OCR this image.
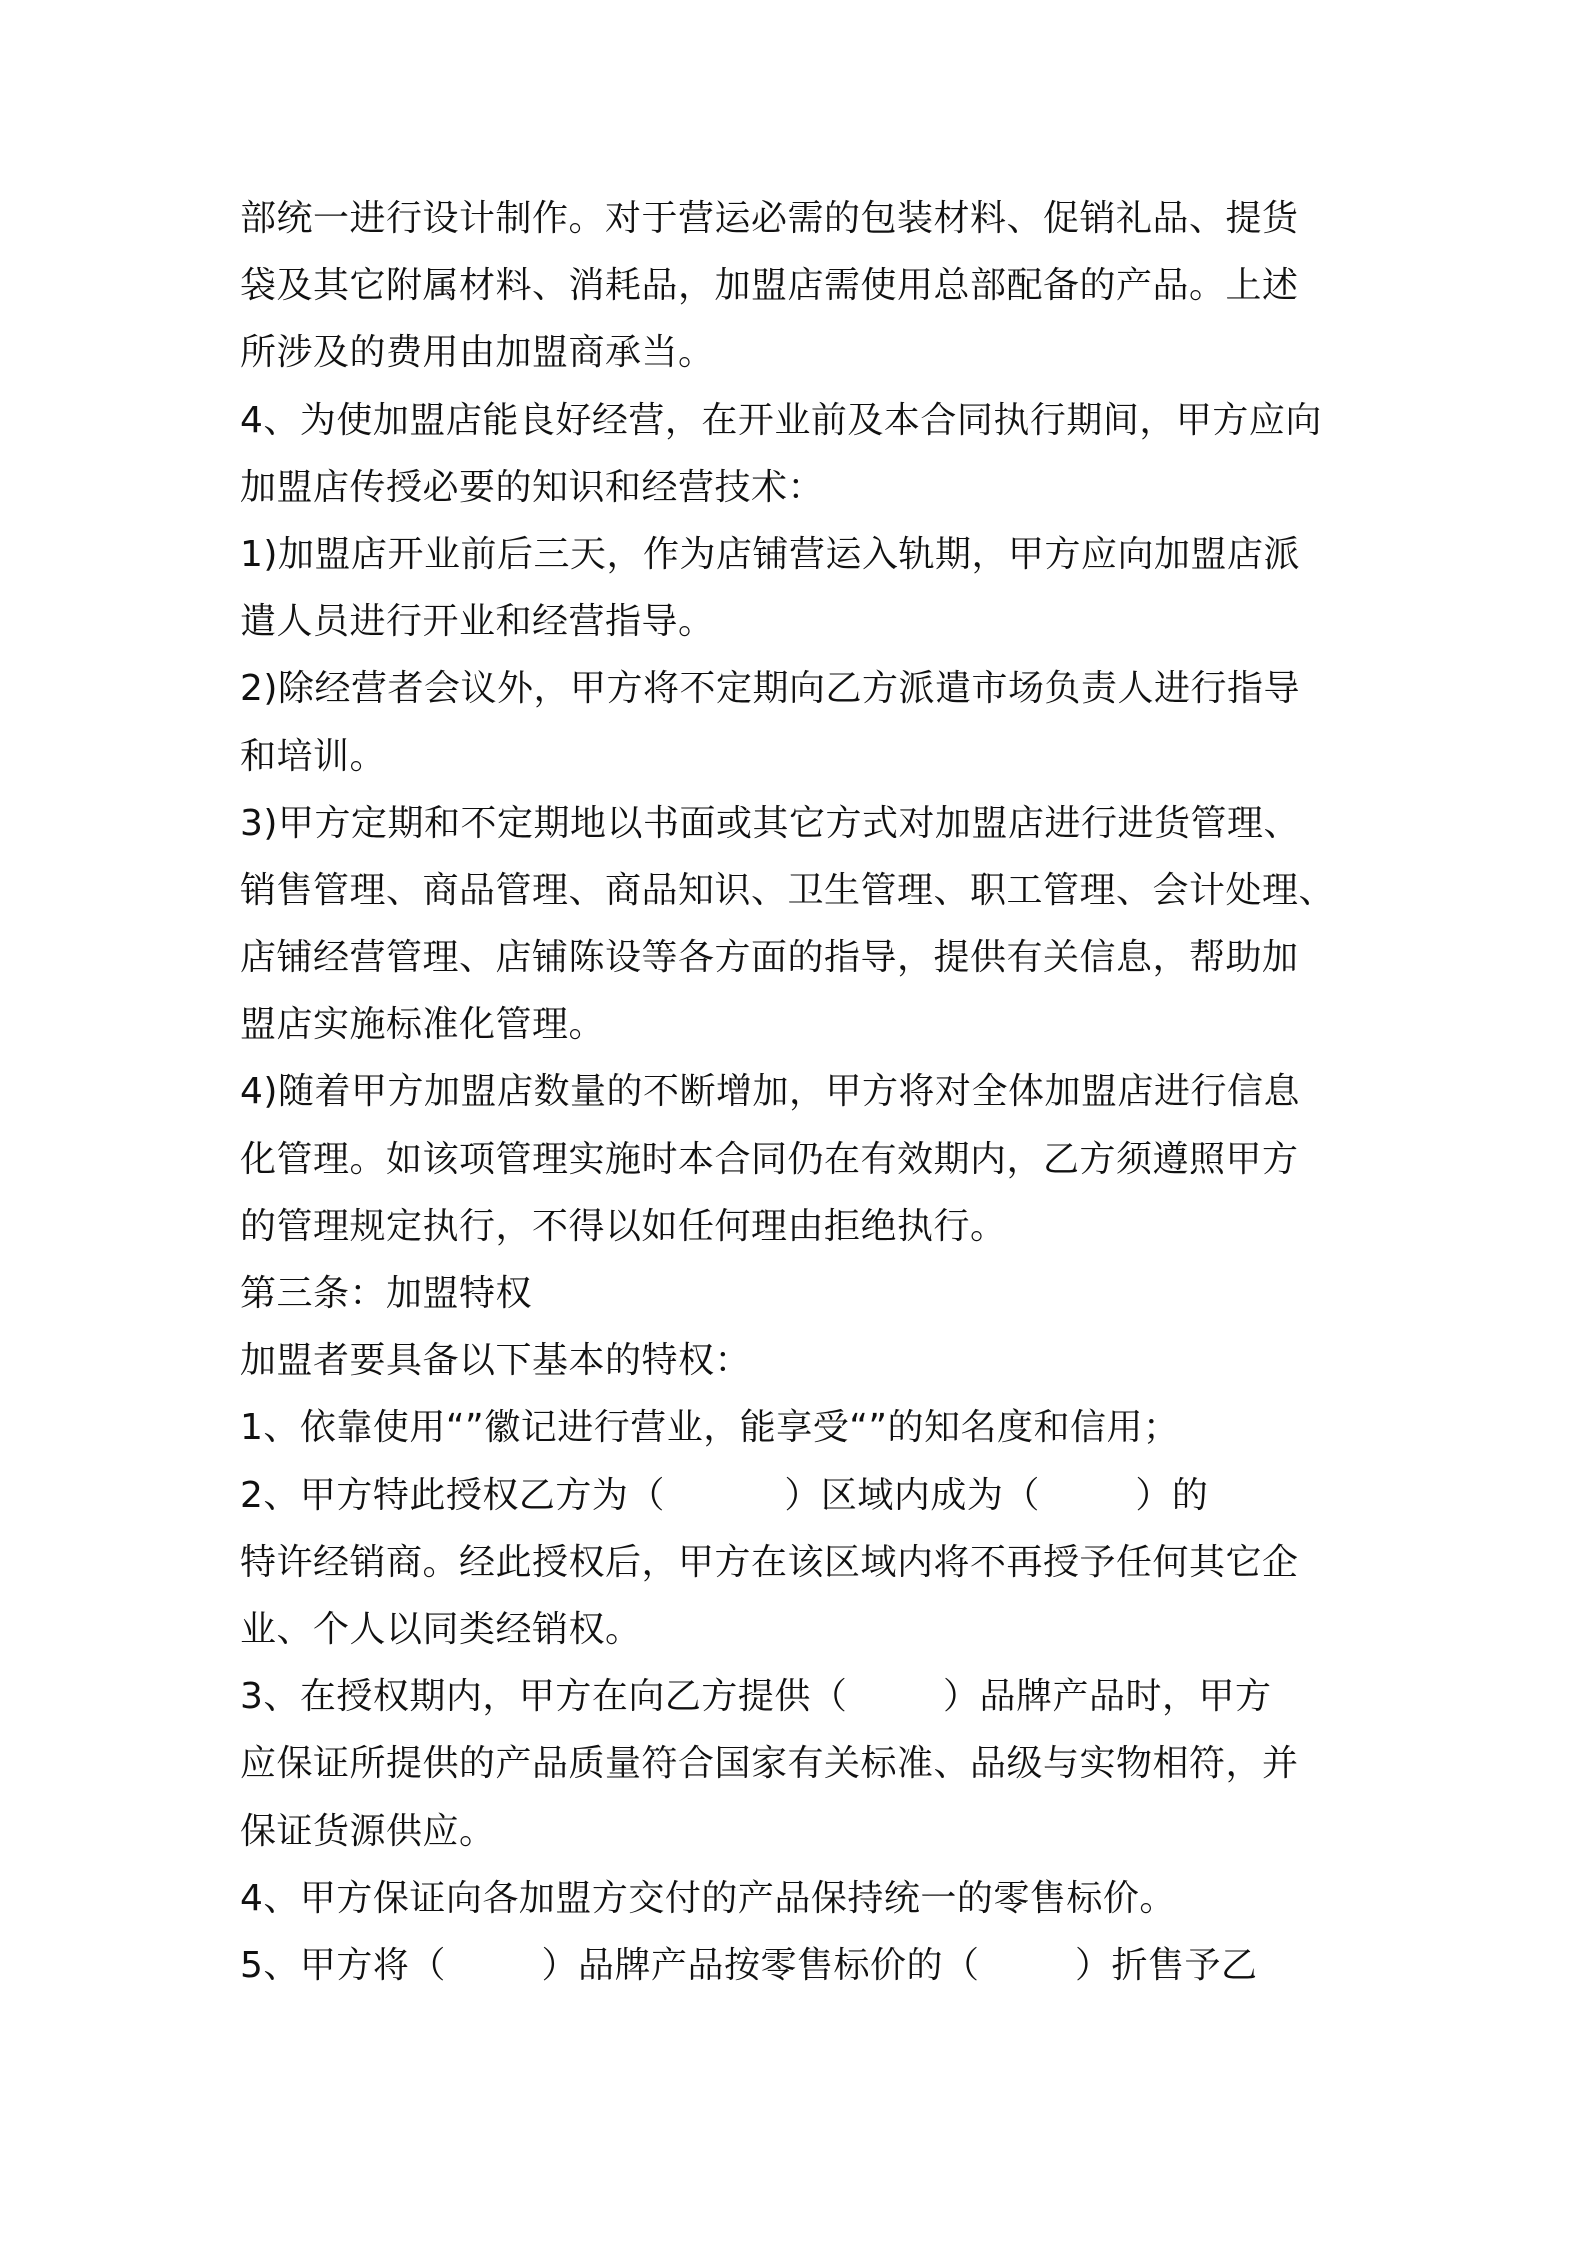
部统一进行设计制作。对于营运必需的包装材料、促销礼品、提货
袋及其它附属材料、消耗品，加盟店需使用总部配备的产品。上述
所涉及的费用由加盟商承当。
4、为使加盟店能良好经营，在开业前及本合同执行期间，甲方应向
加盟店传授必要的知识和经营技术：
1)加盟店开业前后三天，作为店铺营运入轨期，甲方应向加盟店派
遣人员进行开业和经营指导。
2)除经营者会议外，甲方将不定期向乙方派遣市场负责人进行指导
和培训。
3)甲方定期和不定期地以书面或其它方式对加盟店进行进货管理、
销售管理、商品管理、商品知识、卫生管理、职工管理、会计处理、
店铺经营管理、店铺陈设等各方面的指导，提供有关信息，帮助加
盟店实施标准化管理。
4)随着甲方加盟店数量的不断增加，甲方将对全体加盟店进行信息
化管理。如该项管理实施时本合同仍在有效期内，乙方须遵照甲方
的管理规定执行，不得以如任何理由拒绝执行。
第三条：加盟特权
加盟者要具备以下基本的特权：
1、依靠使用“”徽记进行营业，能享受“”的知名度和信用；
2、甲方特此授权乙方为（          ）区域内成为（        ）的
特许经销商。经此授权后，甲方在该区域内将不再授予任何其它企
业、个人以同类经销权。
3、在授权期内，甲方在向乙方提供（        ）品牌产品时，甲方
应保证所提供的产品质量符合国家有关标准、品级与实物相符，并
保证货源供应。
4、甲方保证向各加盟方交付的产品保持统一的零售标价。
5、甲方将（        ）品牌产品按零售标价的（        ）折售予乙
